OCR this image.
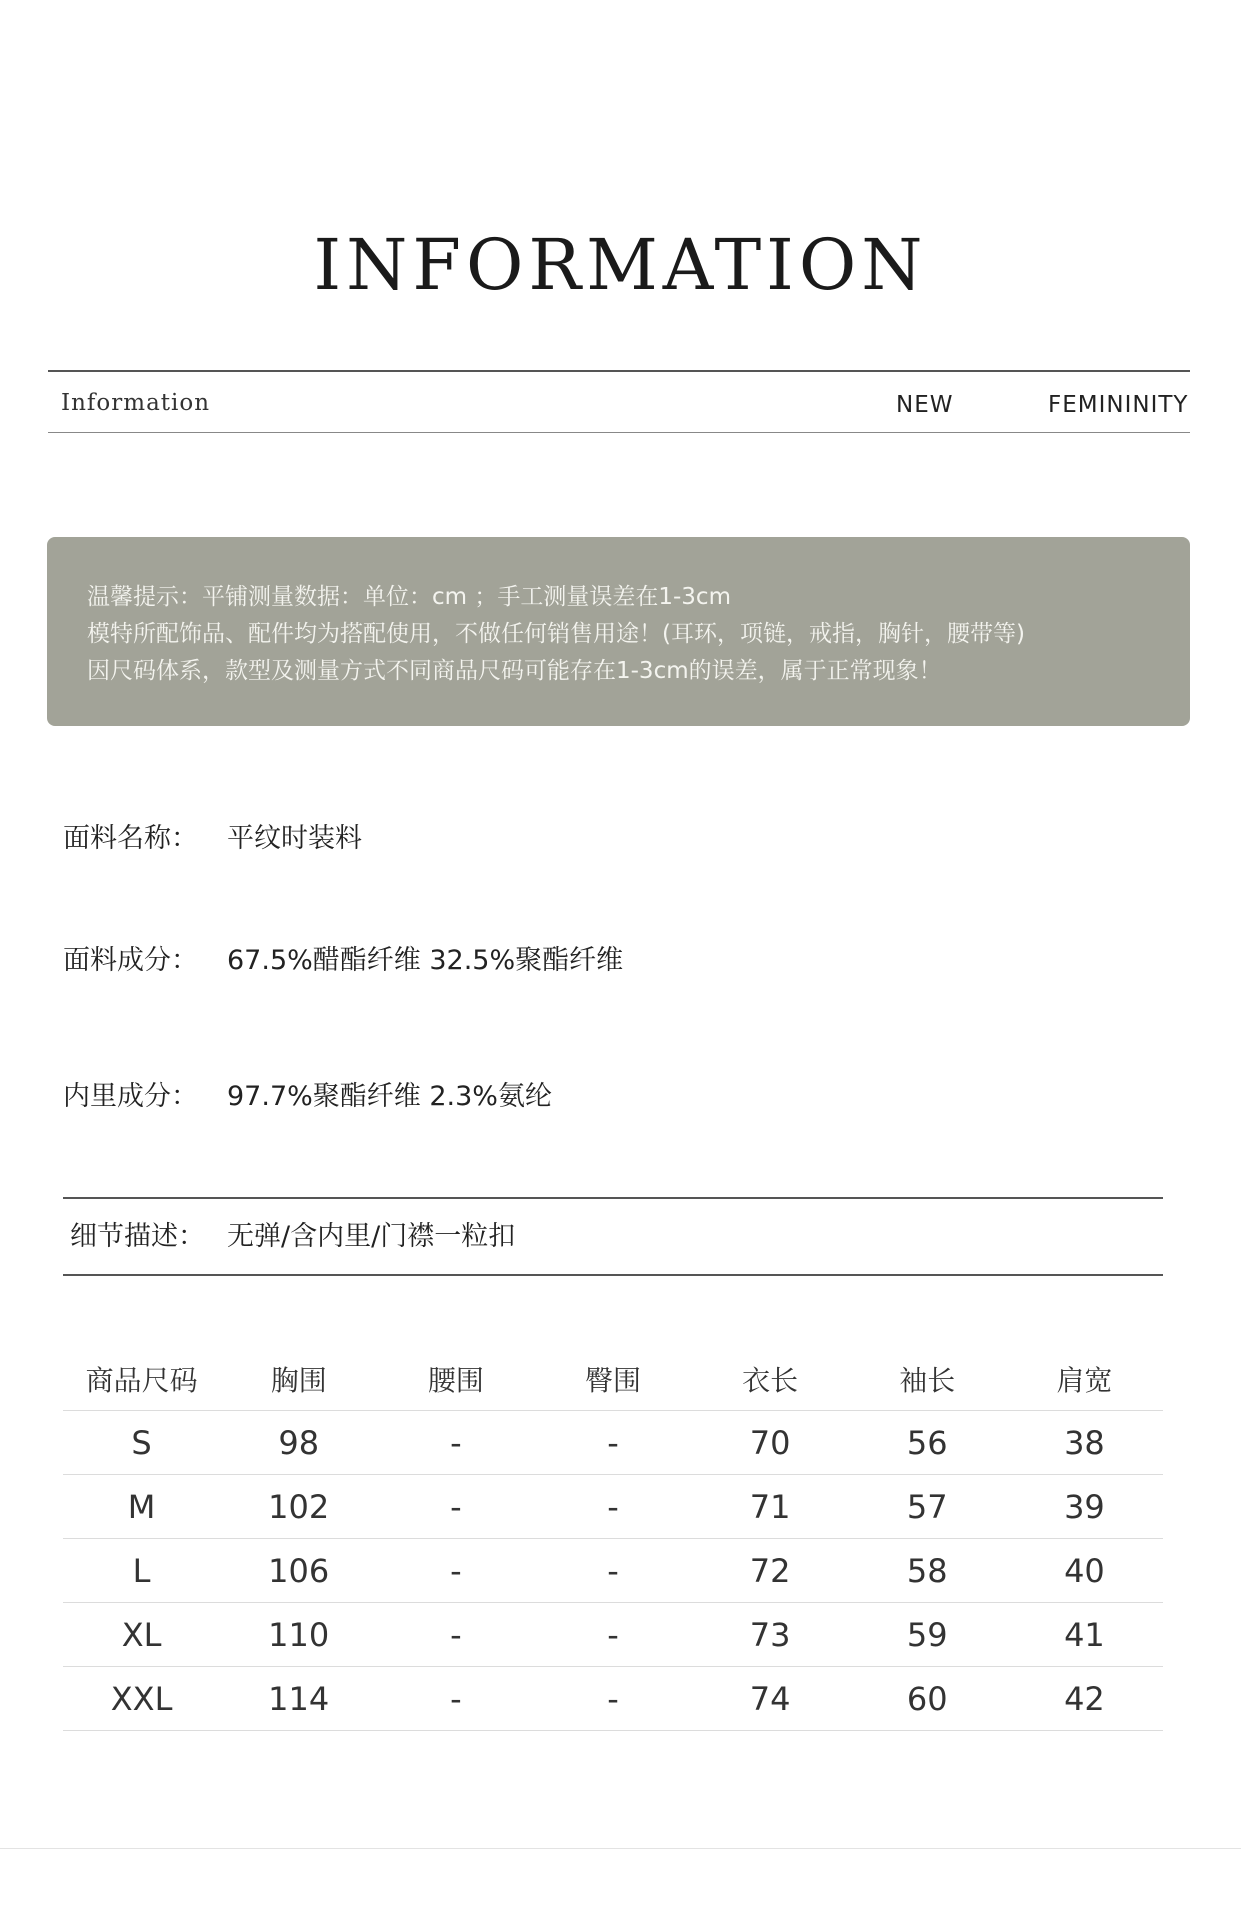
INFORMATION
Information	NEW	FEMININITY
温馨提示：平铺测量数据：单位：cm ；手工测量误差在1-3cm
模特所配饰品、配件均为搭配使用，不做任何销售用途！(耳环，项链，戒指，胸针，腰带等)
因尺码体系，款型及测量方式不同商品尺码可能存在1-3cm的误差，属于正常现象！
面料名称： 平纹时装料
面料成分： 67.5%醋酯纤维 32.5%聚酯纤维
内里成分： 97.7%聚酯纤维 2.3%氨纶
细节描述： 无弹/含内里/门襟一粒扣
商品尺码	胸围	腰围	臀围	衣长	袖长	肩宽
S	98	-	-	70	56	38
M	102	-	-	71	57	39
L	106	-	-	72	58	40
XL	110	-	-	73	59	41
XXL	114	-	-	74	60	42
